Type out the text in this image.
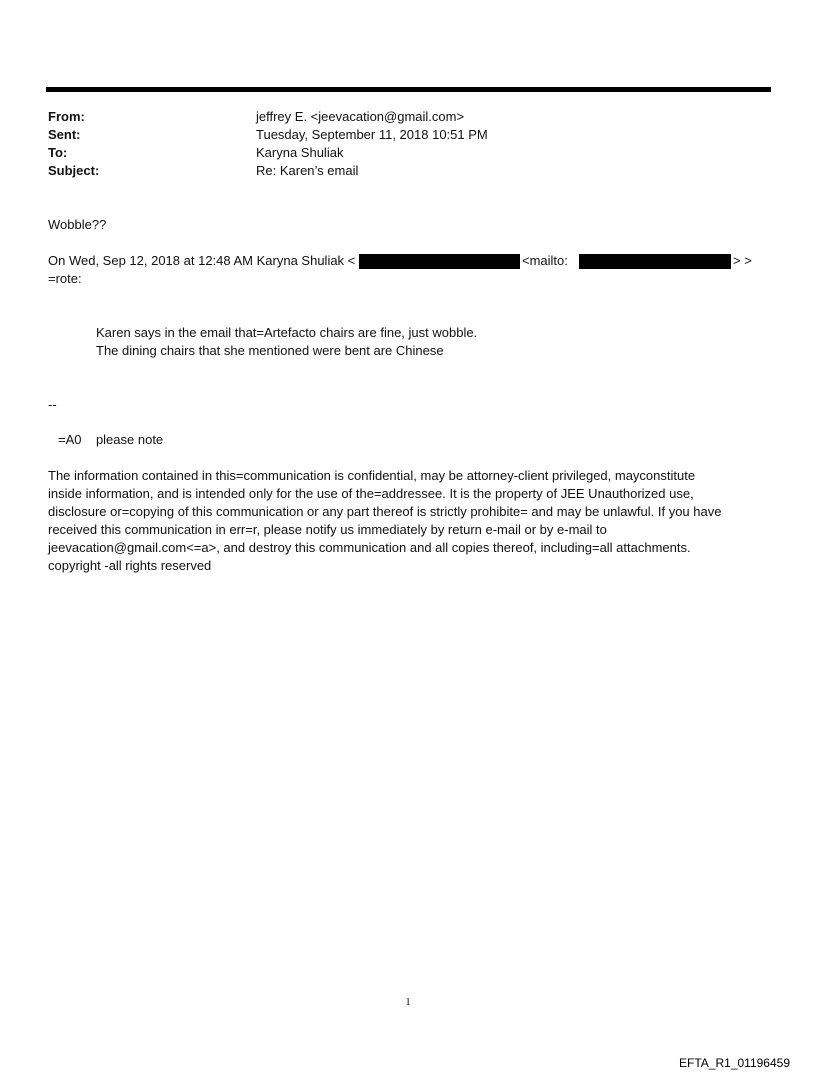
From:	jeffrey E. <jeevacation@gmail.com>
Sent:	Tuesday, September 11, 2018 10:51 PM
To:	Karyna Shuliak
Subject:	Re: Karen’s email
Wobble??
On Wed, Sep 12, 2018 at 12:48 AM Karyna Shuliak <	<mailto:	> >
=rote:
Karen says in the email that=Artefacto chairs are fine, just wobble.
The dining chairs that she mentioned were bent are Chinese
--
=A0    please note
The information contained in this=communication is confidential, may be attorney-client privileged, mayconstitute
inside information, and is intended only for the use of the=addressee. It is the property of JEE Unauthorized use,
disclosure or=copying of this communication or any part thereof is strictly prohibite= and may be unlawful. If you have
received this communication in err=r, please notify us immediately by return e-mail or by e-mail to
jeevacation@gmail.com<=a>, and destroy this communication and all copies thereof, including=all attachments.
copyright -all rights reserved
1
EFTA_R1_01196459
